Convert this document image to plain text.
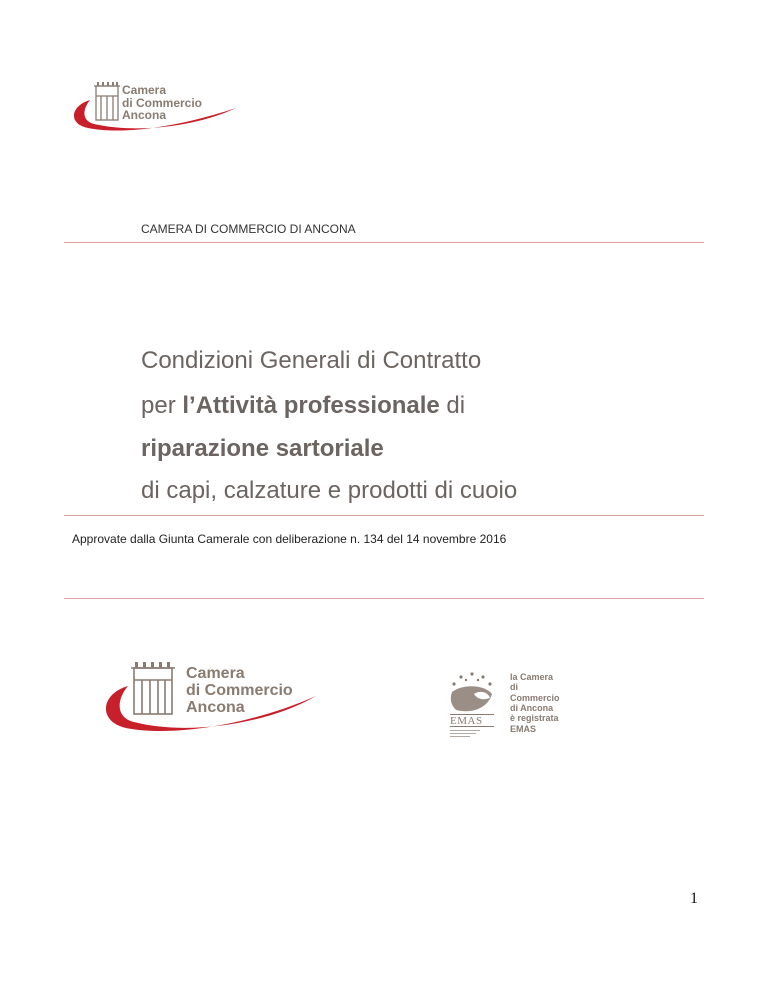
Camera
di Commercio
Ancona
CAMERA DI COMMERCIO DI ANCONA
Condizioni Generali di Contratto
per l’Attività professionale di
riparazione sartoriale
di capi, calzature e prodotti di cuoio
Approvate dalla Giunta Camerale con deliberazione n. 134 del 14 novembre 2016
Camera
di Commercio
Ancona
EMAS
la Camera
di Commercio
di Ancona
è registrata
EMAS
1
